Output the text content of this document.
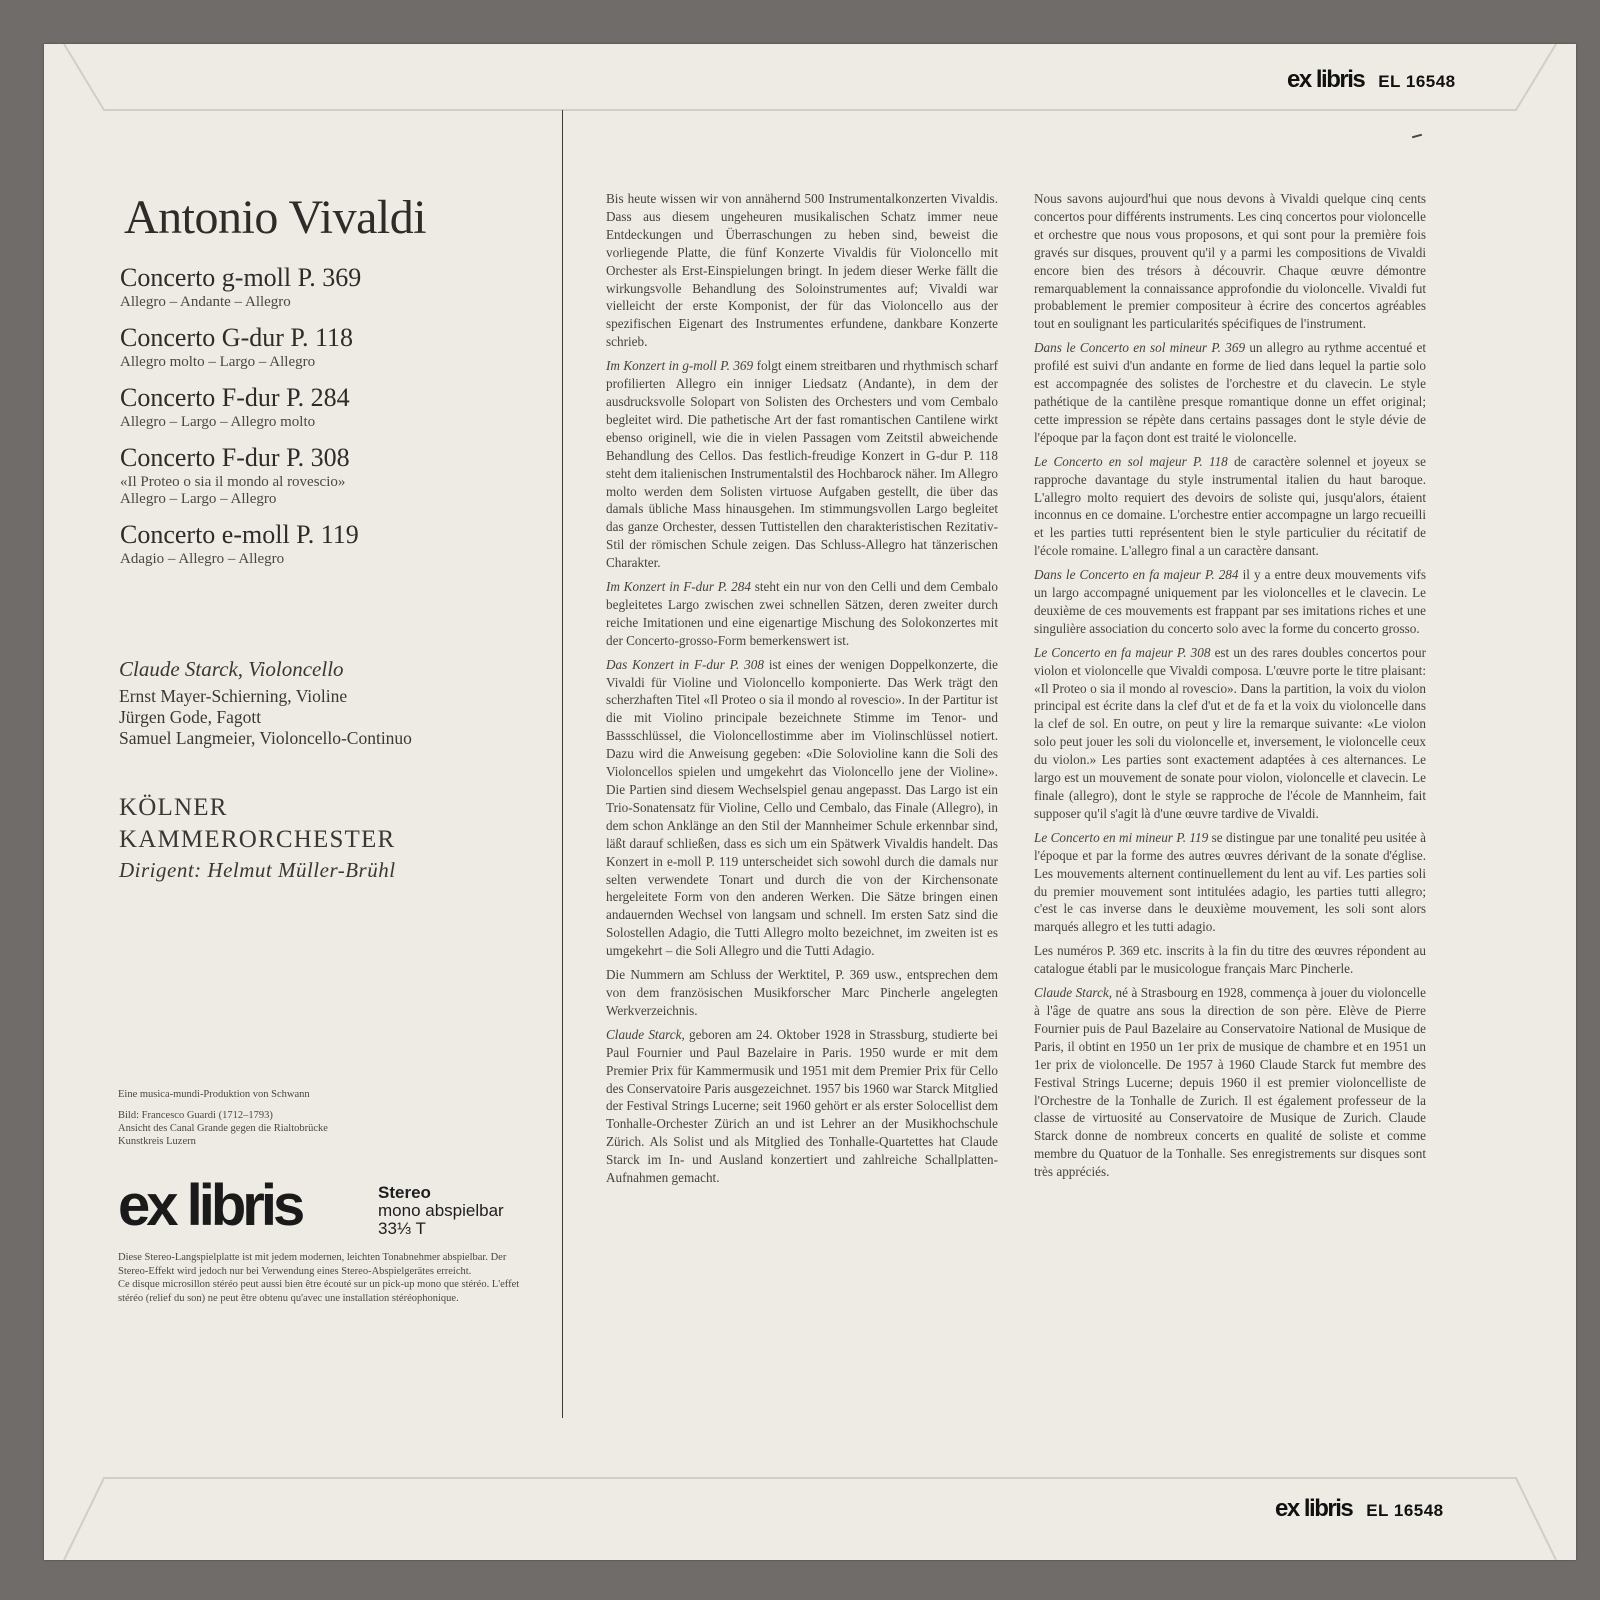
ex libris EL 16548
Antonio Vivaldi
Concerto g-moll P. 369
Allegro – Andante – Allegro
Concerto G-dur P. 118
Allegro molto – Largo – Allegro
Concerto F-dur P. 284
Allegro – Largo – Allegro molto
Concerto F-dur P. 308
«Il Proteo o sia il mondo al rovescio»
Allegro – Largo – Allegro
Concerto e-moll P. 119
Adagio – Allegro – Allegro
Claude Starck, Violoncello
Ernst Mayer-Schierning, Violine
Jürgen Gode, Fagott
Samuel Langmeier, Violoncello-Continuo
KÖLNER
KAMMERORCHESTER
Dirigent: Helmut Müller-Brühl
Eine musica-mundi-Produktion von Schwann
Bild: Francesco Guardi (1712–1793)
Ansicht des Canal Grande gegen die Rialtobrücke
Kunstkreis Luzern
ex libris	Stereo
mono abspielbar
33⅓ T
Diese Stereo-Langspielplatte ist mit jedem modernen, leichten Tonabnehmer abspielbar. Der Stereo-Effekt wird jedoch nur bei Verwendung eines Stereo-Abspielgerätes erreicht.
Ce disque microsillon stéréo peut aussi bien être écouté sur un pick-up mono que stéréo. L'effet stéréo (relief du son) ne peut être obtenu qu'avec une installation stéréophonique.

Bis heute wissen wir von annähernd 500 Instrumentalkonzerten Vivaldis. Dass aus diesem ungeheuren musikalischen Schatz immer neue Entdeckungen und Überraschungen zu heben sind, beweist die vorliegende Platte, die fünf Konzerte Vivaldis für Violoncello mit Orchester als Erst-Einspielungen bringt. In jedem dieser Werke fällt die wirkungsvolle Behandlung des Soloinstrumentes auf; Vivaldi war vielleicht der erste Komponist, der für das Violoncello aus der spezifischen Eigenart des Instrumentes erfundene, dankbare Konzerte schrieb.

Im Konzert in g-moll P. 369 folgt einem streitbaren und rhythmisch scharf profilierten Allegro ein inniger Liedsatz (Andante), in dem der ausdrucksvolle Solopart von Solisten des Orchesters und vom Cembalo begleitet wird. Die pathetische Art der fast romantischen Cantilene wirkt ebenso originell, wie die in vielen Passagen vom Zeitstil abweichende Behandlung des Cellos. Das festlich-freudige Konzert in G-dur P. 118 steht dem italienischen Instrumentalstil des Hochbarock näher. Im Allegro molto werden dem Solisten virtuose Aufgaben gestellt, die über das damals übliche Mass hinausgehen. Im stimmungsvollen Largo begleitet das ganze Orchester, dessen Tuttistellen den charakteristischen Rezitativ-Stil der römischen Schule zeigen. Das Schluss-Allegro hat tänzerischen Charakter.

Im Konzert in F-dur P. 284 steht ein nur von den Celli und dem Cembalo begleitetes Largo zwischen zwei schnellen Sätzen, deren zweiter durch reiche Imitationen und eine eigenartige Mischung des Solokonzertes mit der Concerto-grosso-Form bemerkenswert ist.

Das Konzert in F-dur P. 308 ist eines der wenigen Doppelkonzerte, die Vivaldi für Violine und Violoncello komponierte. Das Werk trägt den scherzhaften Titel «Il Proteo o sia il mondo al rovescio». In der Partitur ist die mit Violino principale bezeichnete Stimme im Tenor- und Bassschlüssel, die Violoncellostimme aber im Violinschlüssel notiert. Dazu wird die Anweisung gegeben: «Die Solovioline kann die Soli des Violoncellos spielen und umgekehrt das Violoncello jene der Violine». Die Partien sind diesem Wechselspiel genau angepasst. Das Largo ist ein Trio-Sonatensatz für Violine, Cello und Cembalo, das Finale (Allegro), in dem schon Anklänge an den Stil der Mannheimer Schule erkennbar sind, läßt darauf schließen, dass es sich um ein Spätwerk Vivaldis handelt. Das Konzert in e-moll P. 119 unterscheidet sich sowohl durch die damals nur selten verwendete Tonart und durch die von der Kirchensonate hergeleitete Form von den anderen Werken. Die Sätze bringen einen andauernden Wechsel von langsam und schnell. Im ersten Satz sind die Solostellen Adagio, die Tutti Allegro molto bezeichnet, im zweiten ist es umgekehrt – die Soli Allegro und die Tutti Adagio.

Die Nummern am Schluss der Werktitel, P. 369 usw., entsprechen dem von dem französischen Musikforscher Marc Pincherle angelegten Werkverzeichnis.

Claude Starck, geboren am 24. Oktober 1928 in Strassburg, studierte bei Paul Fournier und Paul Bazelaire in Paris. 1950 wurde er mit dem Premier Prix für Kammermusik und 1951 mit dem Premier Prix für Cello des Conservatoire Paris ausgezeichnet. 1957 bis 1960 war Starck Mitglied der Festival Strings Lucerne; seit 1960 gehört er als erster Solocellist dem Tonhalle-Orchester Zürich an und ist Lehrer an der Musikhochschule Zürich. Als Solist und als Mitglied des Tonhalle-Quartettes hat Claude Starck im In- und Ausland konzertiert und zahlreiche Schallplatten-Aufnahmen gemacht.

Nous savons aujourd'hui que nous devons à Vivaldi quelque cinq cents concertos pour différents instruments. Les cinq concertos pour violoncelle et orchestre que nous vous proposons, et qui sont pour la première fois gravés sur disques, prouvent qu'il y a parmi les compositions de Vivaldi encore bien des trésors à découvrir. Chaque œuvre démontre remarquablement la connaissance approfondie du violoncelle. Vivaldi fut probablement le premier compositeur à écrire des concertos agréables tout en soulignant les particularités spécifiques de l'instrument.

Dans le Concerto en sol mineur P. 369 un allegro au rythme accentué et profilé est suivi d'un andante en forme de lied dans lequel la partie solo est accompagnée des solistes de l'orchestre et du clavecin. Le style pathétique de la cantilène presque romantique donne un effet original; cette impression se répète dans certains passages dont le style dévie de l'époque par la façon dont est traité le violoncelle.

Le Concerto en sol majeur P. 118 de caractère solennel et joyeux se rapproche davantage du style instrumental italien du haut baroque. L'allegro molto requiert des devoirs de soliste qui, jusqu'alors, étaient inconnus en ce domaine. L'orchestre entier accompagne un largo recueilli et les parties tutti représentent bien le style particulier du récitatif de l'école romaine. L'allegro final a un caractère dansant.

Dans le Concerto en fa majeur P. 284 il y a entre deux mouvements vifs un largo accompagné uniquement par les violoncelles et le clavecin. Le deuxième de ces mouvements est frappant par ses imitations riches et une singulière association du concerto solo avec la forme du concerto grosso.

Le Concerto en fa majeur P. 308 est un des rares doubles concertos pour violon et violoncelle que Vivaldi composa. L'œuvre porte le titre plaisant: «Il Proteo o sia il mondo al rovescio». Dans la partition, la voix du violon principal est écrite dans la clef d'ut et de fa et la voix du violoncelle dans la clef de sol. En outre, on peut y lire la remarque suivante: «Le violon solo peut jouer les soli du violoncelle et, inversement, le violoncelle ceux du violon.» Les parties sont exactement adaptées à ces alternances. Le largo est un mouvement de sonate pour violon, violoncelle et clavecin. Le finale (allegro), dont le style se rapproche de l'école de Mannheim, fait supposer qu'il s'agit là d'une œuvre tardive de Vivaldi.

Le Concerto en mi mineur P. 119 se distingue par une tonalité peu usitée à l'époque et par la forme des autres œuvres dérivant de la sonate d'église. Les mouvements alternent continuellement du lent au vif. Les parties soli du premier mouvement sont intitulées adagio, les parties tutti allegro; c'est le cas inverse dans le deuxième mouvement, les soli sont alors marqués allegro et les tutti adagio.

Les numéros P. 369 etc. inscrits à la fin du titre des œuvres répondent au catalogue établi par le musicologue français Marc Pincherle.

Claude Starck, né à Strasbourg en 1928, commença à jouer du violoncelle à l'âge de quatre ans sous la direction de son père. Elève de Pierre Fournier puis de Paul Bazelaire au Conservatoire National de Musique de Paris, il obtint en 1950 un 1er prix de musique de chambre et en 1951 un 1er prix de violoncelle. De 1957 à 1960 Claude Starck fut membre des Festival Strings Lucerne; depuis 1960 il est premier violoncelliste de l'Orchestre de la Tonhalle de Zurich. Il est également professeur de la classe de virtuosité au Conservatoire de Musique de Zurich. Claude Starck donne de nombreux concerts en qualité de soliste et comme membre du Quatuor de la Tonhalle. Ses enregistrements sur disques sont très appréciés.

ex libris EL 16548
